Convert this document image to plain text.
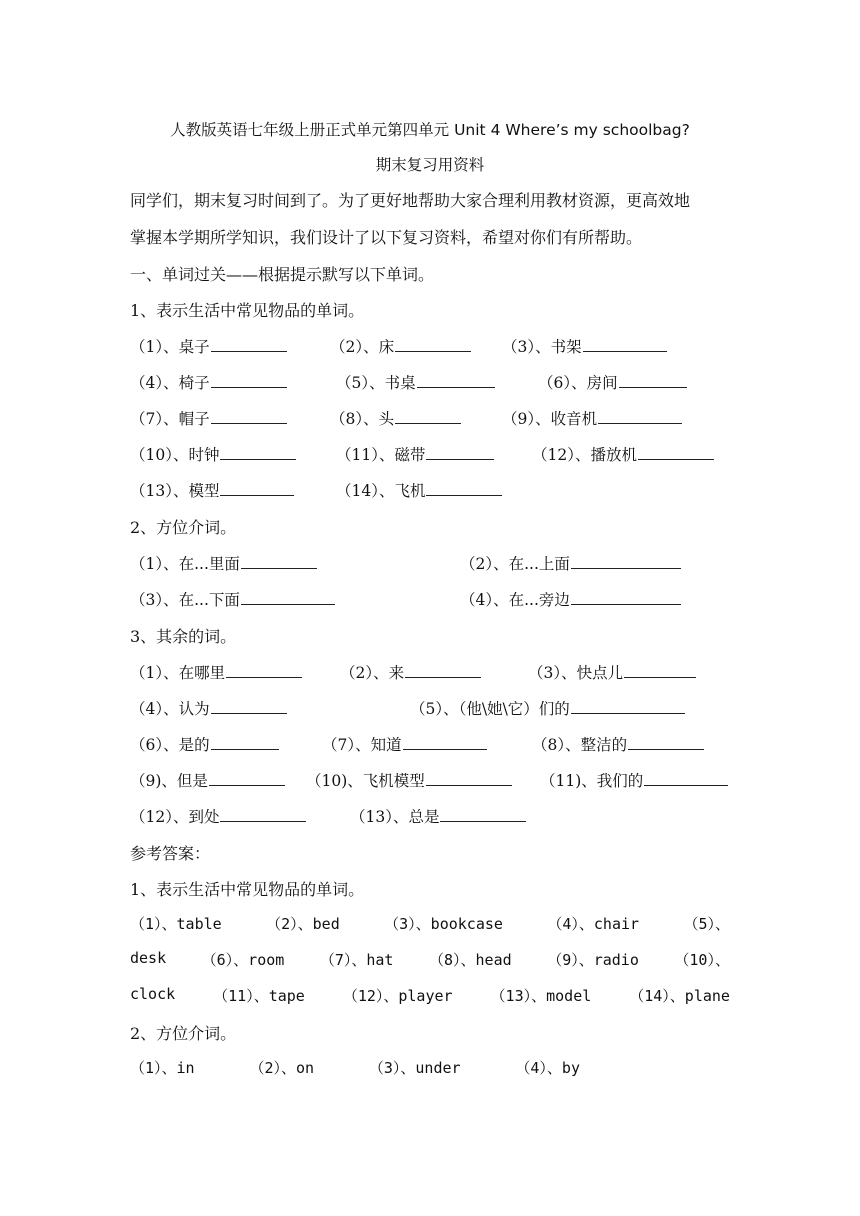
人教版英语七年级上册正式单元第四单元 Unit 4 Where’s my schoolbag?
期末复习用资料
同学们，期末复习时间到了。为了更好地帮助大家合理利用教材资源，更高效地
掌握本学期所学知识，我们设计了以下复习资料，希望对你们有所帮助。
一、单词过关——根据提示默写以下单词。
1、表示生活中常见物品的单词。
（1）、桌子	（2）、床	（3）、书架
（4）、椅子	（5）、书桌	（6）、房间
（7）、帽子	（8）、头	（9）、收音机
（10）、时钟	（11）、磁带	（12）、播放机
（13）、模型	（14）、飞机
2、方位介词。
（1）、在...里面	（2）、在...上面
（3）、在...下面	（4）、在...旁边
3、其余的词。
（1）、在哪里	（2）、来	（3）、快点儿
（4）、认为	（5）、（他\她\它）们的
（6）、是的	（7）、知道	（8）、整洁的
（9)、但是	（10)、飞机模型	（11)、我们的
（12）、到处	（13）、总是
参考答案：
1、表示生活中常见物品的单词。
（1）、table	（2）、bed	（3）、bookcase	（4）、chair	（5）、
desk （6）、room （7）、hat （8）、head （9）、radio （10）、
clock	（11）、tape	（12）、player	（13）、model	（14）、plane
2、方位介词。
（1）、in	（2）、on	（3）、under	（4）、by
